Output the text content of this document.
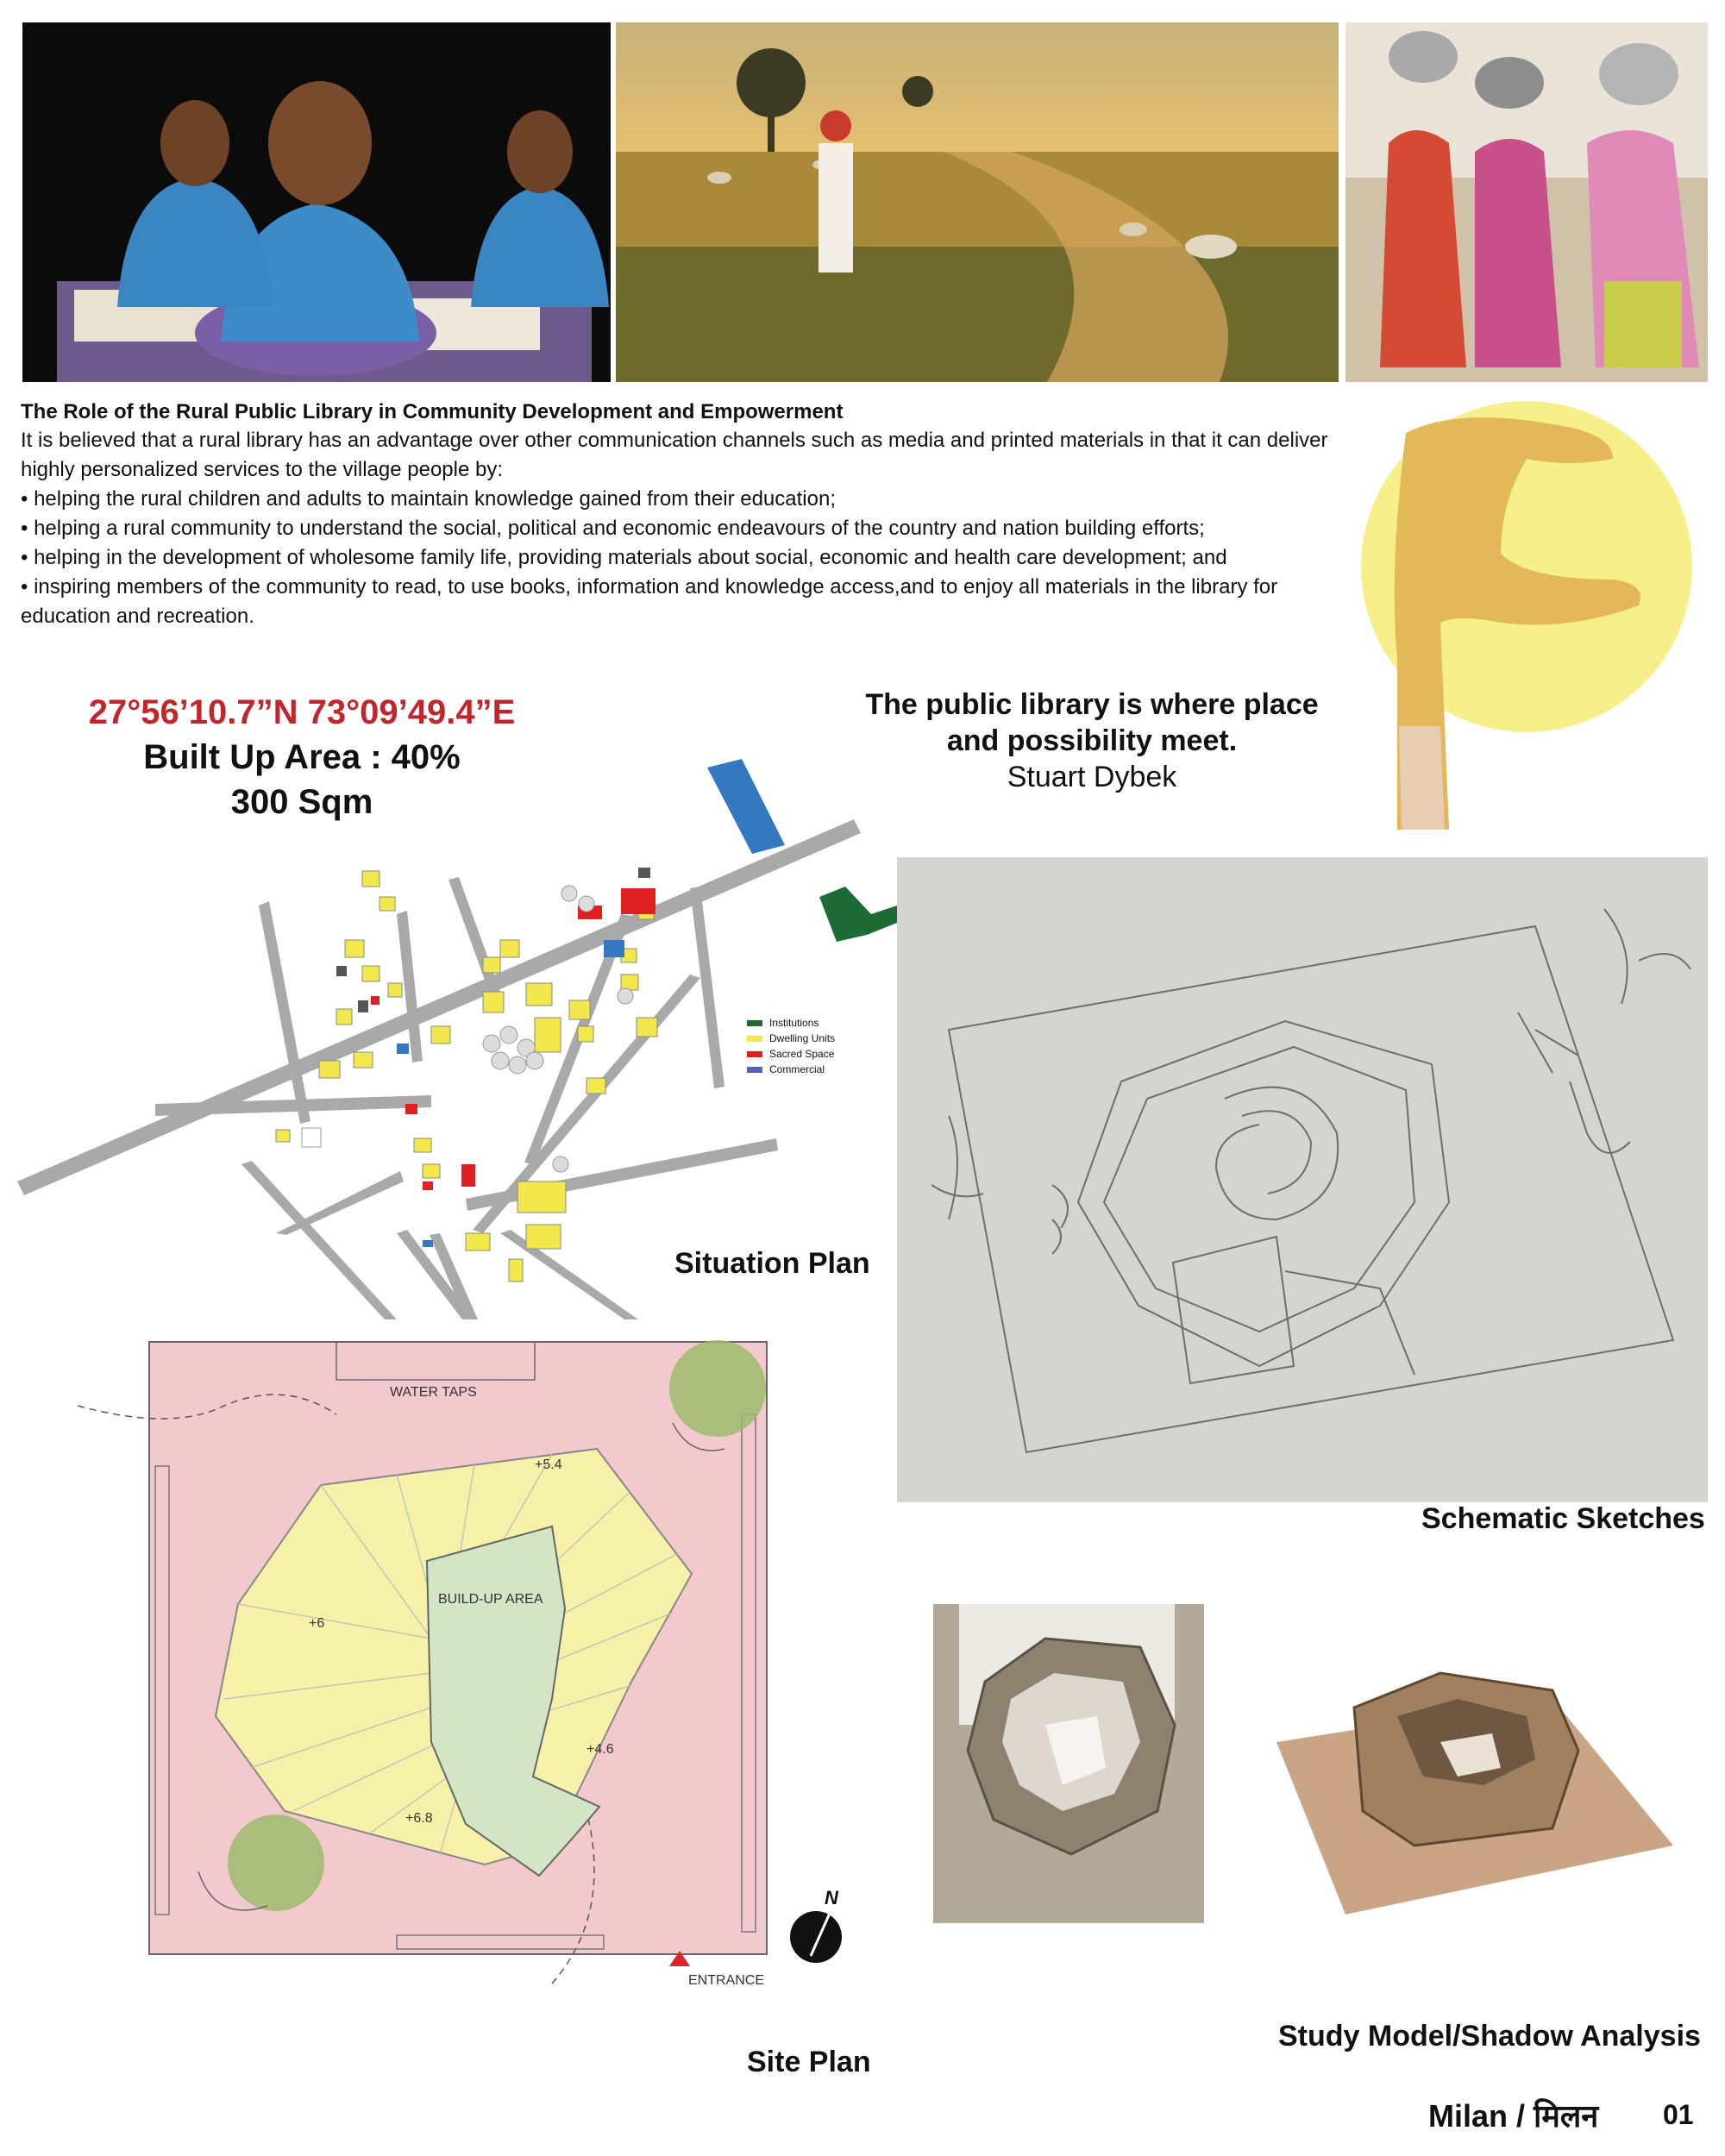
The Role of the Rural Public Library in Community Development and Empowerment

It is believed that a rural library has an advantage over other communication channels such as media and printed materials in that it can deliver highly personalized services to the village people by:

• helping the rural children and adults to maintain knowledge gained from their education;

• helping a rural community to understand the social, political and economic endeavours of the country and nation building efforts;

• helping in the development of wholesome family life, providing materials about social, economic and health care development; and

• inspiring members of the community to read, to use books, information and knowledge access,and to enjoy all materials in the library for education and recreation.

27°56’10.7”N 73°09’49.4”E
Built Up Area : 40%
300 Sqm
The public library is where place
and possibility meet.
Stuart Dybek
Institutions
Dwelling Units
Sacred Space
Commercial
Situation Plan
Schematic Sketches
WATER TAPS
BUILD-UP AREA
+5.4
+6
+4.6
+6.8
ENTRANCE
N
Site Plan
Study Model/Shadow Analysis
Milan / मिलन 01
